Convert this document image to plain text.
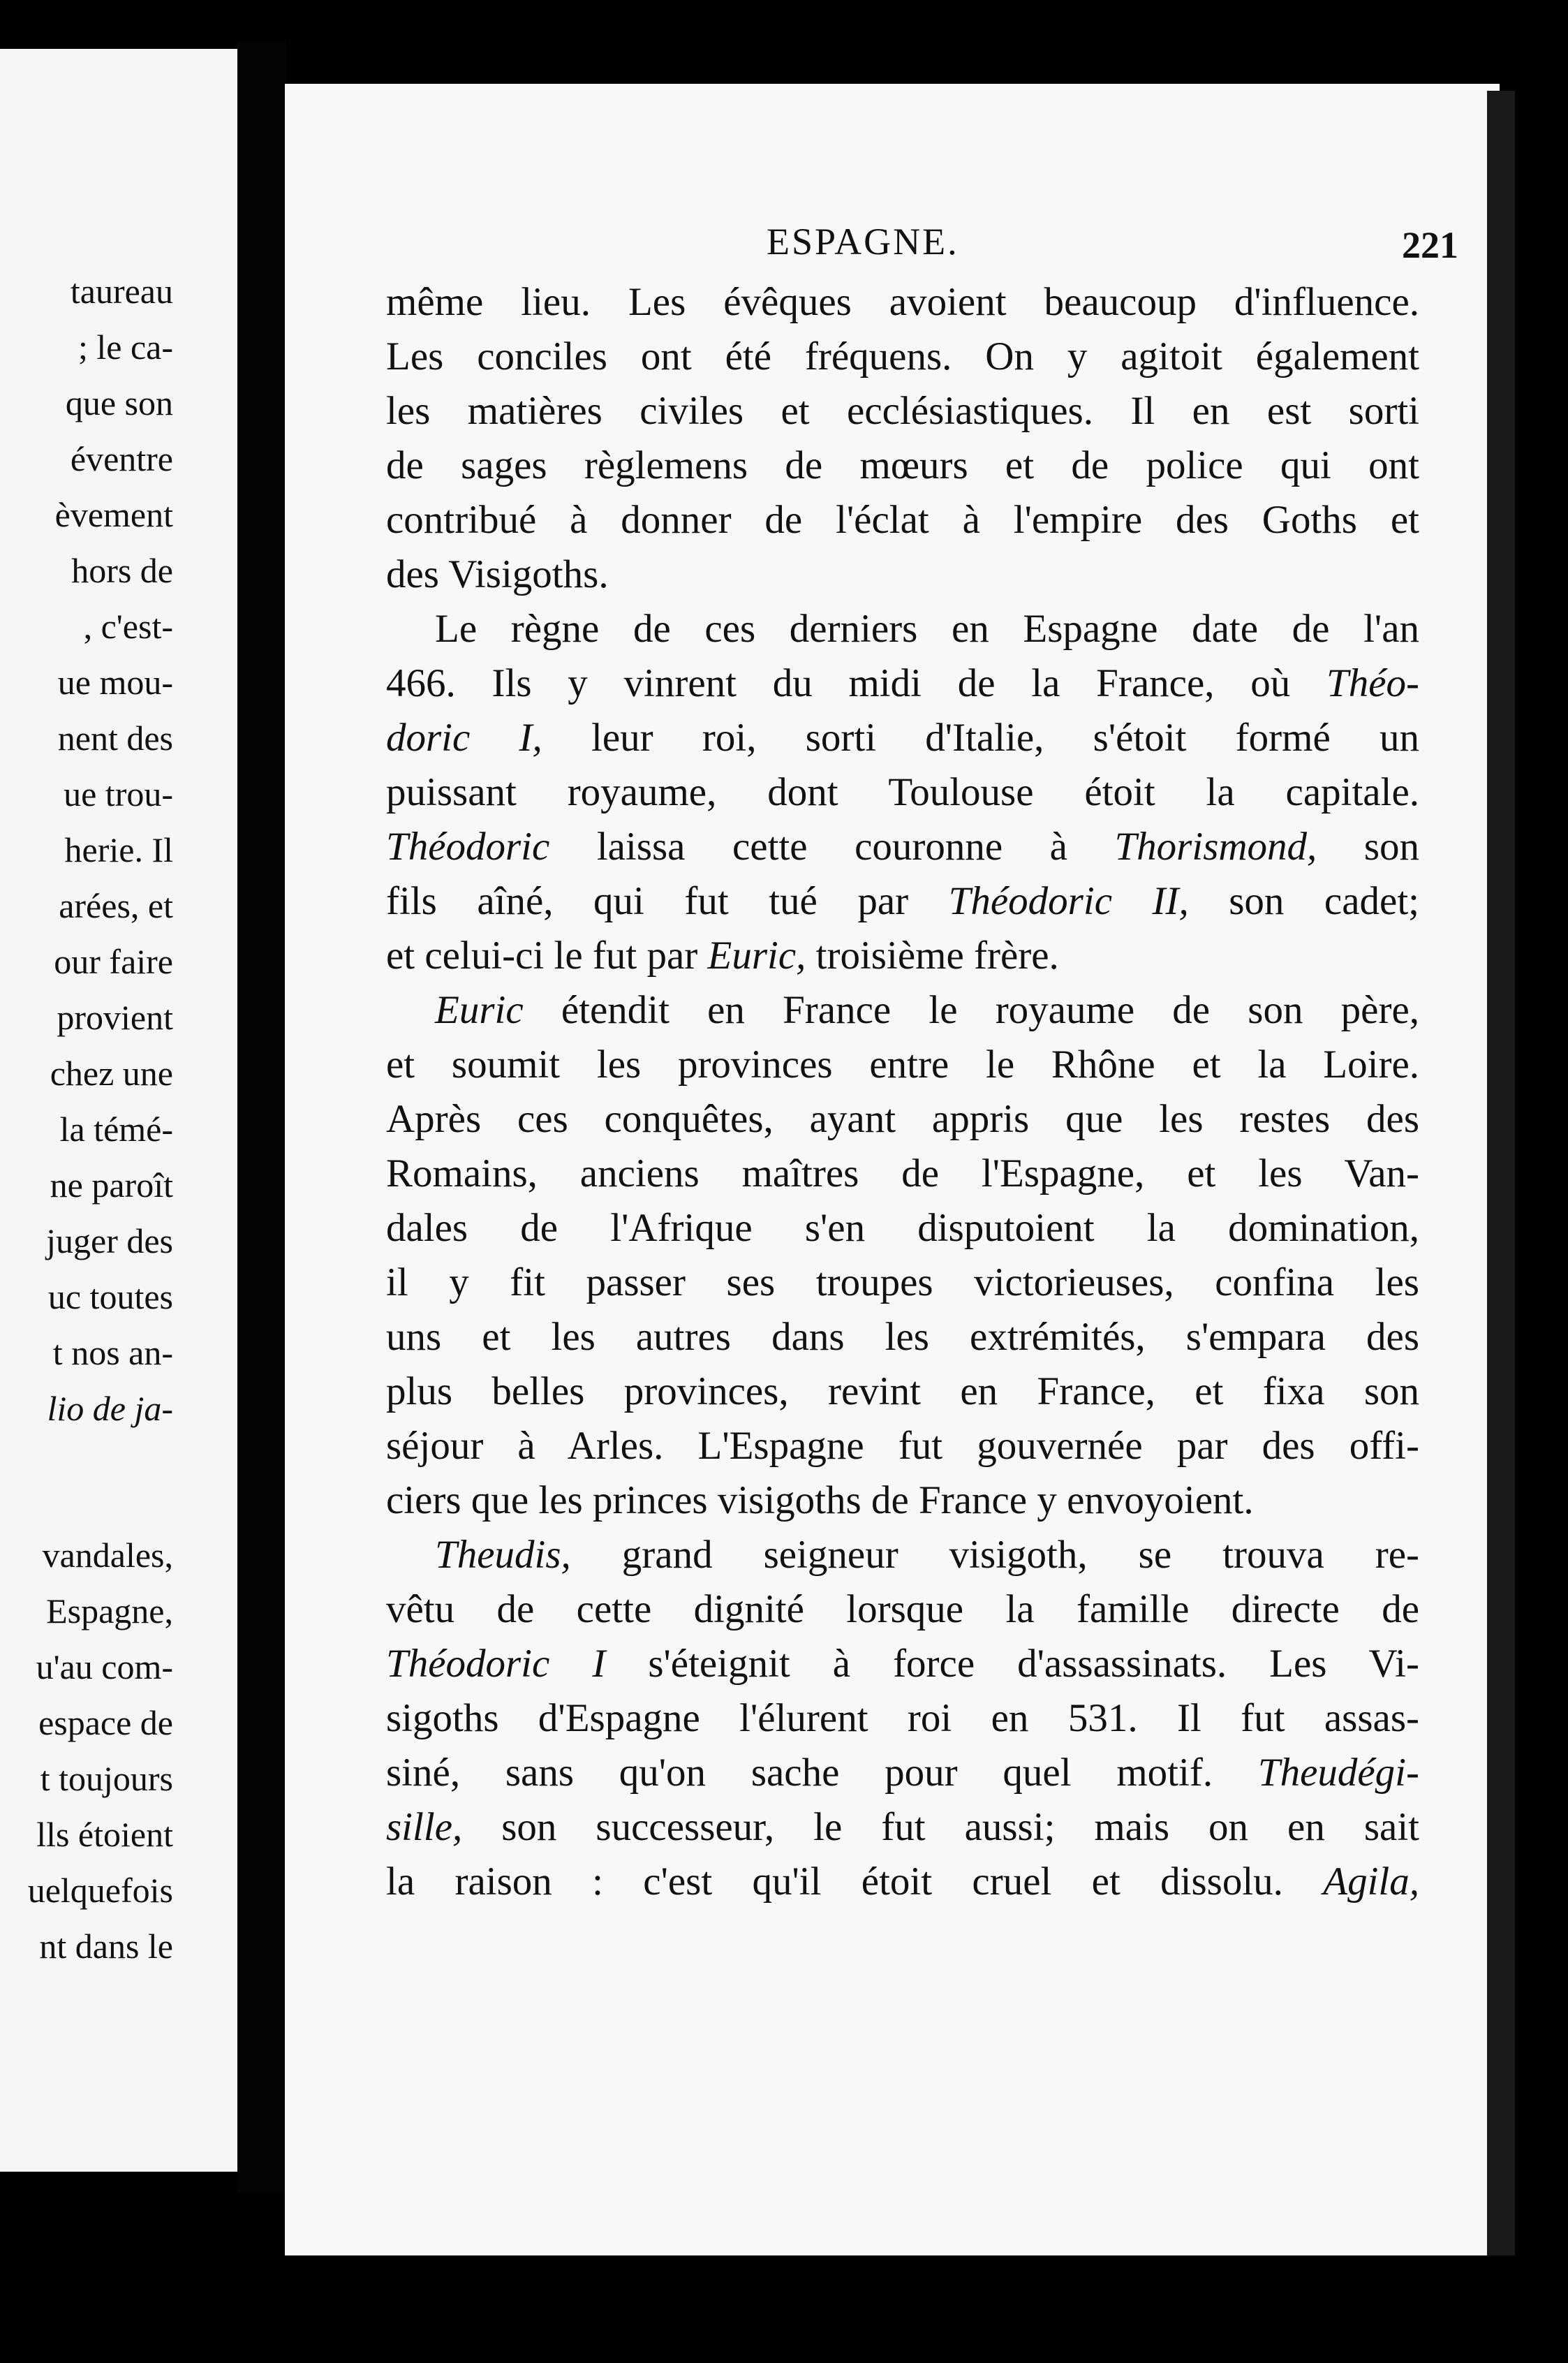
taureau
; le ca-
que son
éventre
èvement
hors de
, c'est-
ue mou-
nent des
ue trou-
herie. Il
arées, et
our faire
provient
chez une
la témé-
ne paroît
juger des
uc toutes
t nos an-
lio de ja-
vandales,
Espagne,
u'au com-
espace de
t toujours
lls étoient
uelquefois
nt dans le
ESPAGNE.	221
même lieu. Les évêques avoient beaucoup d'influence.
Les conciles ont été fréquens. On y agitoit également
les matières civiles et ecclésiastiques. Il en est sorti
de sages règlemens de mœurs et de police qui ont
contribué à donner de l'éclat à l'empire des Goths et
des Visigoths.
Le règne de ces derniers en Espagne date de l'an
466. Ils y vinrent du midi de la France, où Théo-
doric I, leur roi, sorti d'Italie, s'étoit formé un
puissant royaume, dont Toulouse étoit la capitale.
Théodoric laissa cette couronne à Thorismond, son
fils aîné, qui fut tué par Théodoric II, son cadet;
et celui-ci le fut par Euric, troisième frère.
Euric étendit en France le royaume de son père,
et soumit les provinces entre le Rhône et la Loire.
Après ces conquêtes, ayant appris que les restes des
Romains, anciens maîtres de l'Espagne, et les Van-
dales de l'Afrique s'en disputoient la domination,
il y fit passer ses troupes victorieuses, confina les
uns et les autres dans les extrémités, s'empara des
plus belles provinces, revint en France, et fixa son
séjour à Arles. L'Espagne fut gouvernée par des offi-
ciers que les princes visigoths de France y envoyoient.
Theudis, grand seigneur visigoth, se trouva re-
vêtu de cette dignité lorsque la famille directe de
Théodoric I s'éteignit à force d'assassinats. Les Vi-
sigoths d'Espagne l'élurent roi en 531. Il fut assas-
siné, sans qu'on sache pour quel motif. Theudégi-
sille, son successeur, le fut aussi; mais on en sait
la raison : c'est qu'il étoit cruel et dissolu. Agila,
